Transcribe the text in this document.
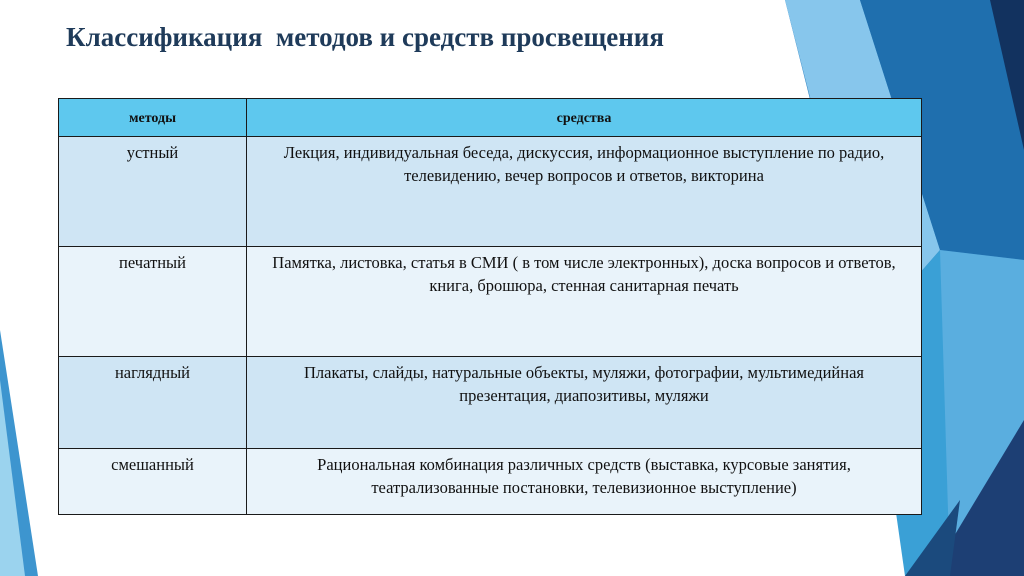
Классификация  методов и средств просвещения
методы	средства
устный	Лекция, индивидуальная беседа, дискуссия, информационное выступление по радио, телевидению, вечер вопросов и ответов, викторина
печатный	Памятка, листовка, статья в СМИ ( в том числе электронных), доска вопросов и ответов, книга, брошюра, стенная санитарная печать
наглядный	Плакаты, слайды, натуральные объекты, муляжи, фотографии, мультимедийная презентация, диапозитивы, муляжи
смешанный	Рациональная комбинация различных средств (выставка, курсовые занятия, театрализованные постановки, телевизионное выступление)
